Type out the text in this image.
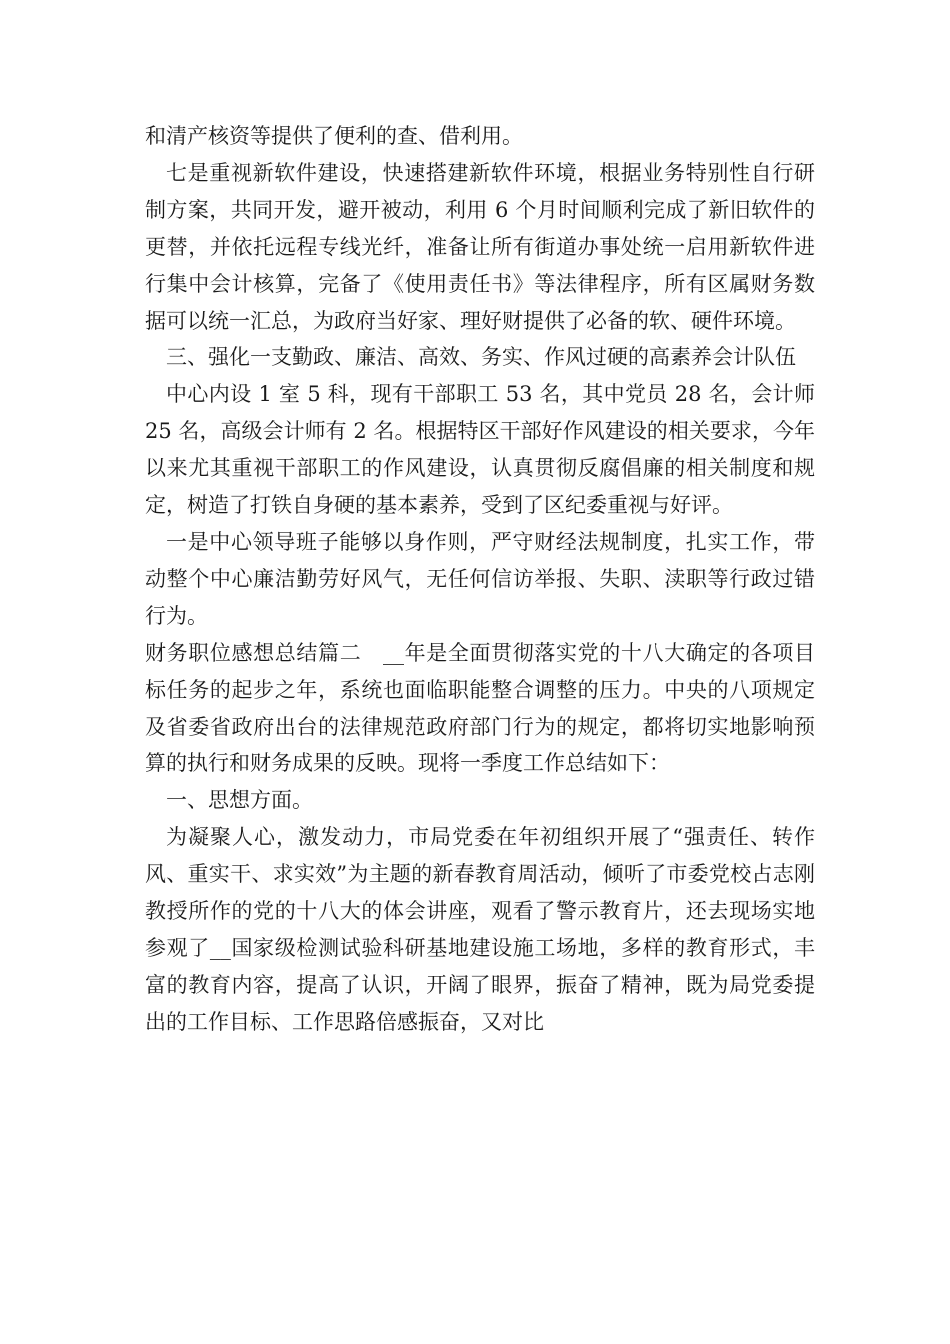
和清产核资等提供了便利的查、借利用。

七是重视新软件建设，快速搭建新软件环境，根据业务特别性自行研制方案，共同开发，避开被动，利用 6 个月时间顺利完成了新旧软件的更替，并依托远程专线光纤，准备让所有街道办事处统一启用新软件进行集中会计核算，完备了《使用责任书》等法律程序，所有区属财务数据可以统一汇总，为政府当好家、理好财提供了必备的软、硬件环境。

三、强化一支勤政、廉洁、高效、务实、作风过硬的高素养会计队伍

中心内设 1 室 5 科，现有干部职工 53 名，其中党员 28 名，会计师 25 名，高级会计师有 2 名。根据特区干部好作风建设的相关要求，今年以来尤其重视干部职工的作风建设，认真贯彻反腐倡廉的相关制度和规定，树造了打铁自身硬的基本素养，受到了区纪委重视与好评。

一是中心领导班子能够以身作则，严守财经法规制度，扎实工作，带动整个中心廉洁勤劳好风气，无任何信访举报、失职、渎职等行政过错行为。

财务职位感想总结篇二　__年是全面贯彻落实党的十八大确定的各项目标任务的起步之年，系统也面临职能整合调整的压力。中央的八项规定及省委省政府出台的法律规范政府部门行为的规定，都将切实地影响预算的执行和财务成果的反映。现将一季度工作总结如下：

一、思想方面。

为凝聚人心，激发动力，市局党委在年初组织开展了“强责任、转作风、重实干、求实效”为主题的新春教育周活动，倾听了市委党校占志刚教授所作的党的十八大的体会讲座，观看了警示教育片，还去现场实地参观了__国家级检测试验科研基地建设施工场地，多样的教育形式，丰富的教育内容，提高了认识，开阔了眼界，振奋了精神，既为局党委提出的工作目标、工作思路倍感振奋，又对比
